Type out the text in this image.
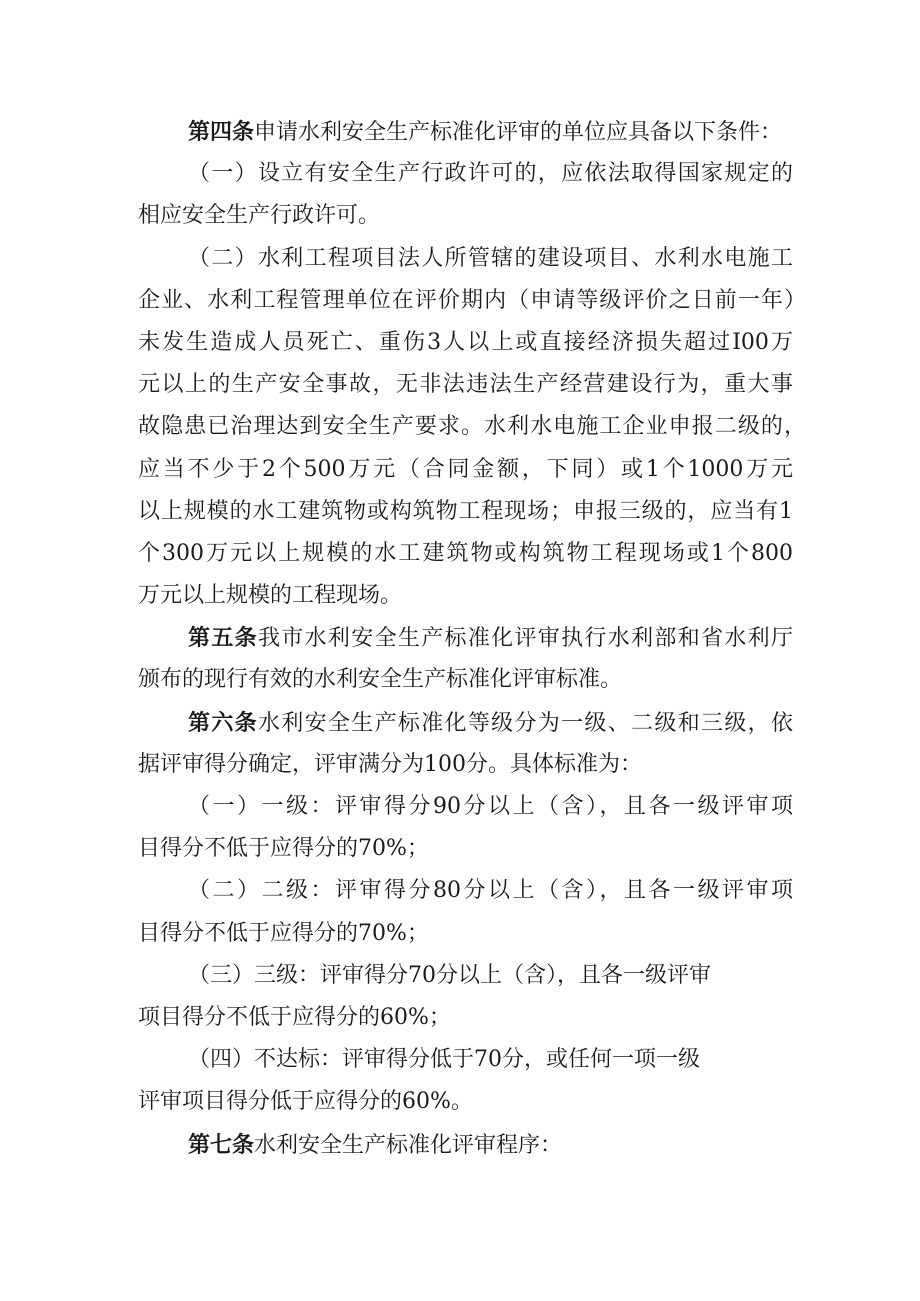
第四条申请水利安全生产标准化评审的单位应具备以下条件：
（一）设立有安全生产行政许可的，应依法取得国家规定的
相应安全生产行政许可。
（二）水利工程项目法人所管辖的建设项目、水利水电施工
企业、水利工程管理单位在评价期内（申请等级评价之日前一年）
未发生造成人员死亡、重伤3人以上或直接经济损失超过I00万
元以上的生产安全事故，无非法违法生产经营建设行为，重大事
故隐患已治理达到安全生产要求。水利水电施工企业申报二级的，
应当不少于2个500万元（合同金额，下同）或1个1000万元
以上规模的水工建筑物或构筑物工程现场；申报三级的，应当有1
个300万元以上规模的水工建筑物或构筑物工程现场或1个800
万元以上规模的工程现场。
第五条我市水利安全生产标准化评审执行水利部和省水利厅
颁布的现行有效的水利安全生产标准化评审标准。
第六条水利安全生产标准化等级分为一级、二级和三级，依
据评审得分确定，评审满分为100分。具体标准为：
（一）一级：评审得分90分以上（含），且各一级评审项
目得分不低于应得分的70%；
（二）二级：评审得分80分以上（含），且各一级评审项
目得分不低于应得分的70%；
（三）三级：评审得分70分以上（含），且各一级评审
项目得分不低于应得分的60%；
（四）不达标：评审得分低于70分，或任何一项一级
评审项目得分低于应得分的60%。
第七条水利安全生产标准化评审程序：
